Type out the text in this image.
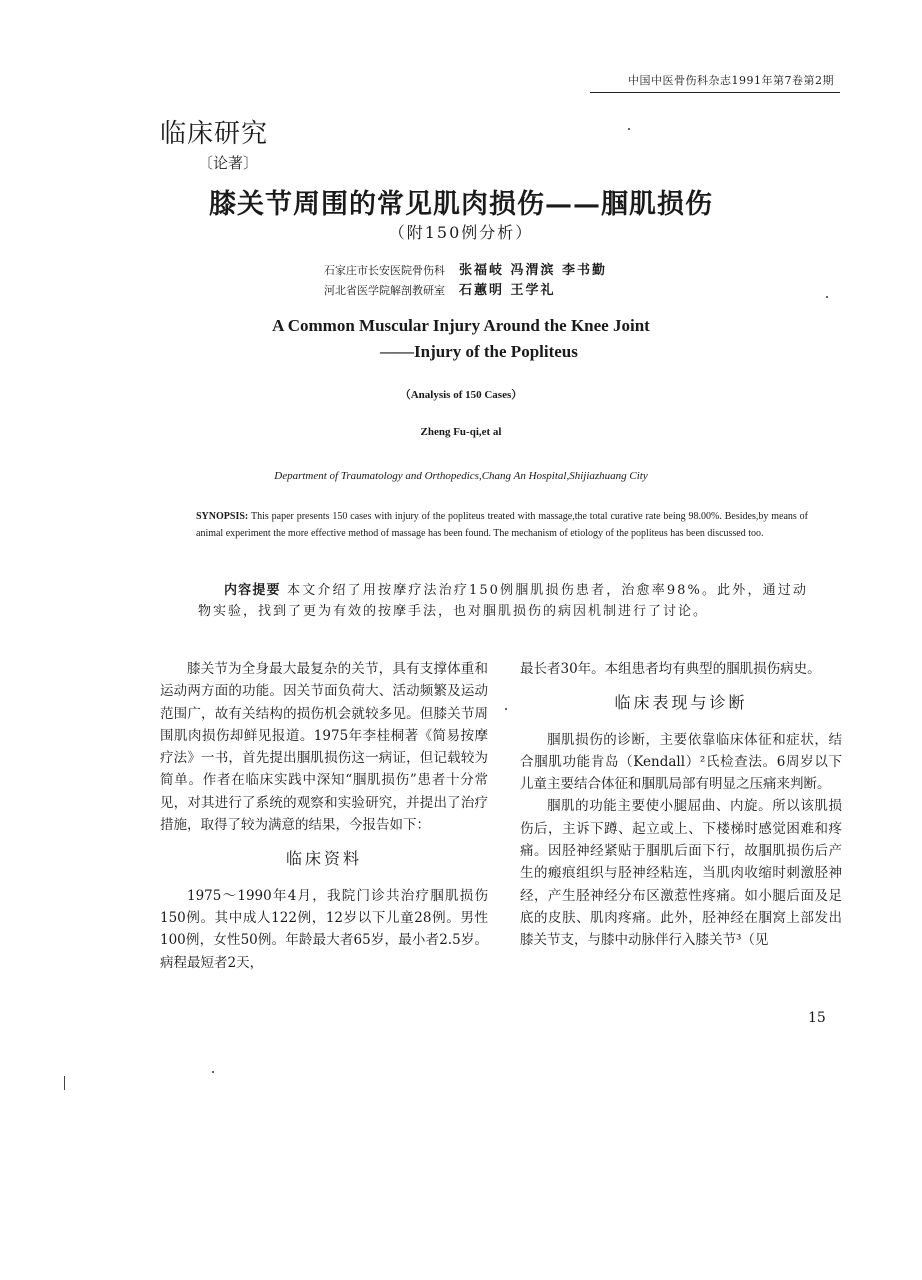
中国中医骨伤科杂志1991年第7卷第2期
临床研究
〔论著〕
膝关节周围的常见肌肉损伤——腘肌损伤
（附150例分析）
石家庄市长安医院骨伤科 张福岐 冯渭滨 李书勤
河北省医学院解剖教研室 石蕙明 王学礼
A Common Muscular Injury Around the Knee Joint
——Injury of the Popliteus
（Analysis of 150 Cases）
Zheng Fu-qi,et al
Department of Traumatology and Orthopedics,Chang An Hospital,Shijiazhuang City
SYNOPSIS: This paper presents 150 cases with injury of the popliteus treated with massage,the total curative rate being 98.00%. Besides,by means of animal experiment the more effective method of massage has been found. The mechanism of etiology of the popliteus has been discussed too.
内容提要 本文介绍了用按摩疗法治疗150例腘肌损伤患者，治愈率98%。此外，通过动物实验，找到了更为有效的按摩手法，也对腘肌损伤的病因机制进行了讨论。

膝关节为全身最大最复杂的关节，具有支撑体重和运动两方面的功能。因关节面负荷大、活动频繁及运动范围广，故有关结构的损伤机会就较多见。但膝关节周围肌肉损伤却鲜见报道。1975年李桂桐著《简易按摩疗法》一书，首先提出腘肌损伤这一病证，但记载较为简单。作者在临床实践中深知“腘肌损伤”患者十分常见，对其进行了系统的观察和实验研究，并提出了治疗措施，取得了较为满意的结果，今报告如下：

临床资料

1975～1990年4月，我院门诊共治疗腘肌损伤150例。其中成人122例，12岁以下儿童28例。男性100例，女性50例。年龄最大者65岁，最小者2.5岁。病程最短者2天，

最长者30年。本组患者均有典型的腘肌损伤病史。

临床表现与诊断

腘肌损伤的诊断，主要依靠临床体征和症状，结合腘肌功能肯岛（Kendall）²氏检查法。6周岁以下儿童主要结合体征和腘肌局部有明显之压痛来判断。

腘肌的功能主要使小腿屈曲、内旋。所以该肌损伤后，主诉下蹲、起立或上、下楼梯时感觉困难和疼痛。因胫神经紧贴于腘肌后面下行，故腘肌损伤后产生的瘢痕组织与胫神经粘连，当肌肉收缩时刺激胫神经，产生胫神经分布区激惹性疼痛。如小腿后面及足底的皮肤、肌肉疼痛。此外，胫神经在腘窝上部发出膝关节支，与膝中动脉伴行入膝关节³（见

15
